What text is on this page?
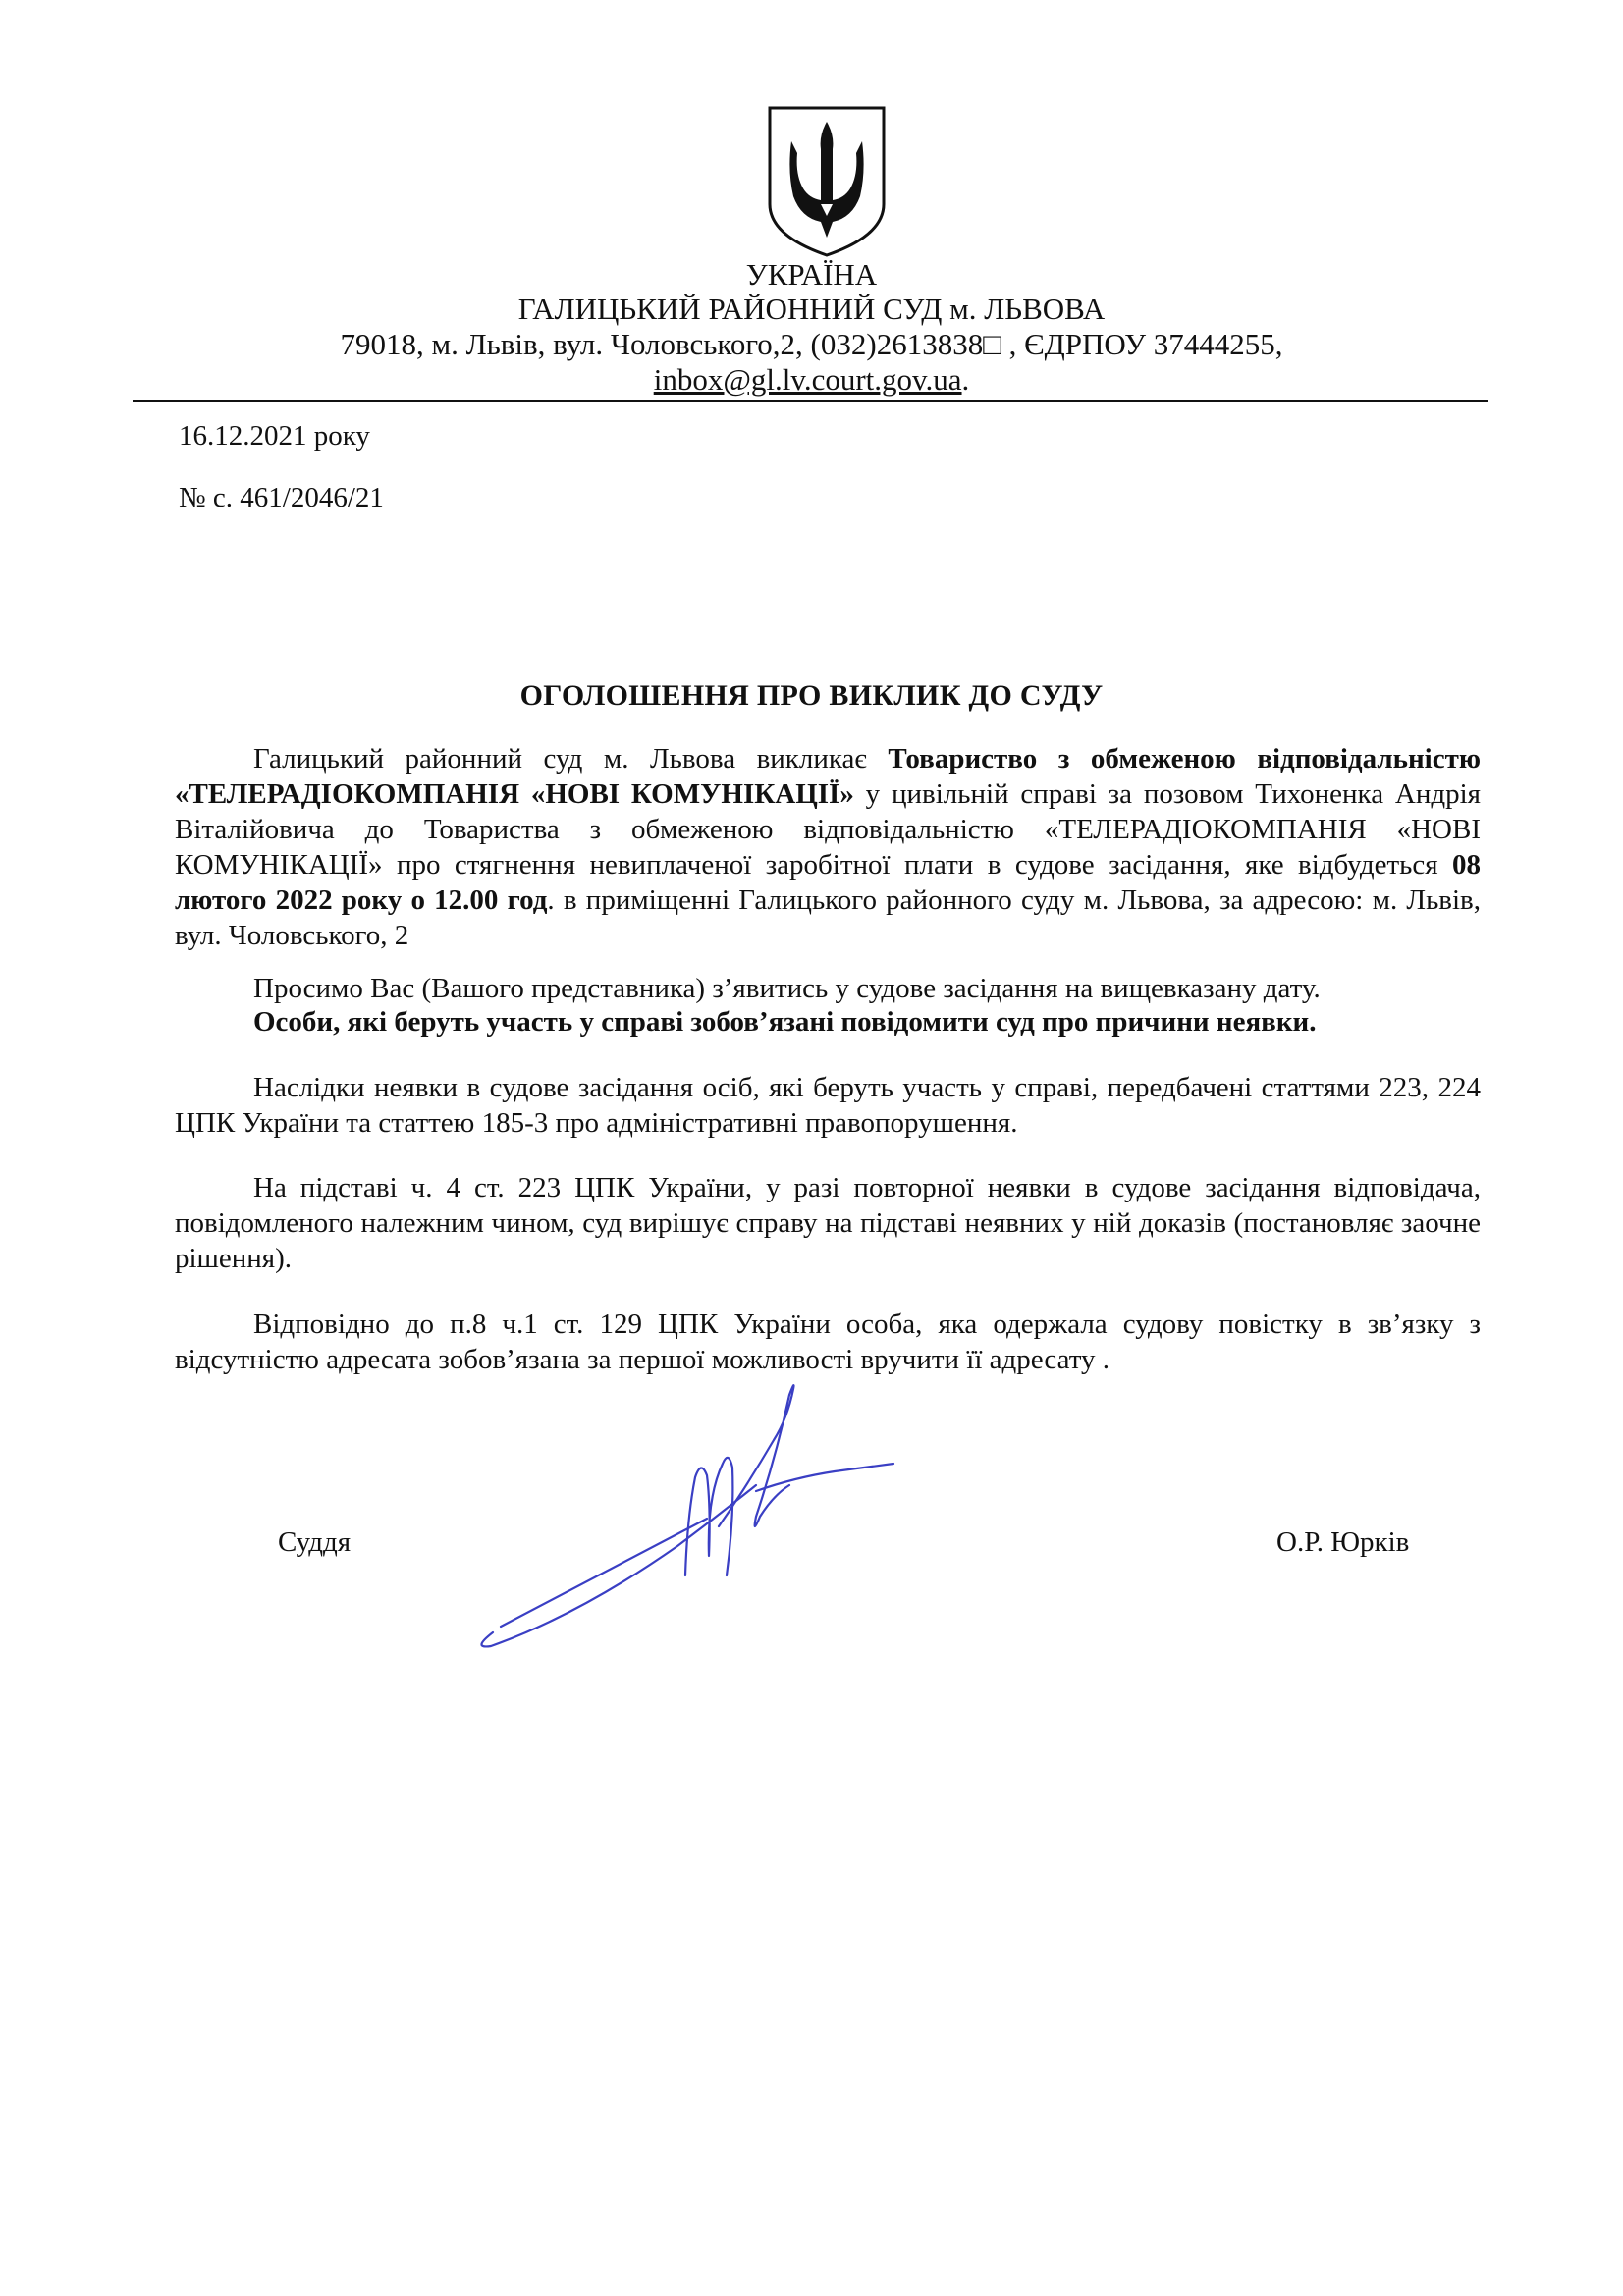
УКРАЇНА
ГАЛИЦЬКИЙ РАЙОННИЙ СУД м. ЛЬВОВА
79018, м. Львів, вул. Чоловського,2, (032)2613838□ , ЄДРПОУ 37444255,
inbox@gl.lv.court.gov.ua.
16.12.2021 року
№ с. 461/2046/21
ОГОЛОШЕННЯ ПРО ВИКЛИК ДО СУДУ

Галицький районний суд м. Львова викликає Товариство з обмеженою відповідальністю «ТЕЛЕРАДІОКОМПАНІЯ «НОВІ КОМУНІКАЦІЇ» у цивільній справі за позовом Тихоненка Андрія Віталійовича до Товариства з обмеженою відповідальністю «ТЕЛЕРАДІОКОМПАНІЯ «НОВІ КОМУНІКАЦІЇ» про стягнення невиплаченої заробітної плати в судове засідання, яке відбудеться 08 лютого 2022 року о 12.00 год. в приміщенні Галицького районного суду м. Львова, за адресою: м. Львів, вул. Чоловського, 2

Просимо Вас (Вашого представника) з’явитись у судове засідання на вищевказану дату.

Особи, які беруть участь у справі зобов’язані повідомити суд про причини неявки.

Наслідки неявки в судове засідання осіб, які беруть участь у справі, передбачені статтями 223, 224 ЦПК України та статтею 185-3 про адміністративні правопорушення.

На підставі ч. 4 ст. 223 ЦПК України, у разі повторної неявки в судове засідання відповідача, повідомленого належним чином, суд вирішує справу на підставі неявних у ній доказів (постановляє заочне рішення).

Відповідно до п.8 ч.1 ст. 129 ЦПК України особа, яка одержала судову повістку в зв’язку з відсутністю адресата зобов’язана за першої можливості вручити її адресату .

Суддя	О.Р. Юрків
